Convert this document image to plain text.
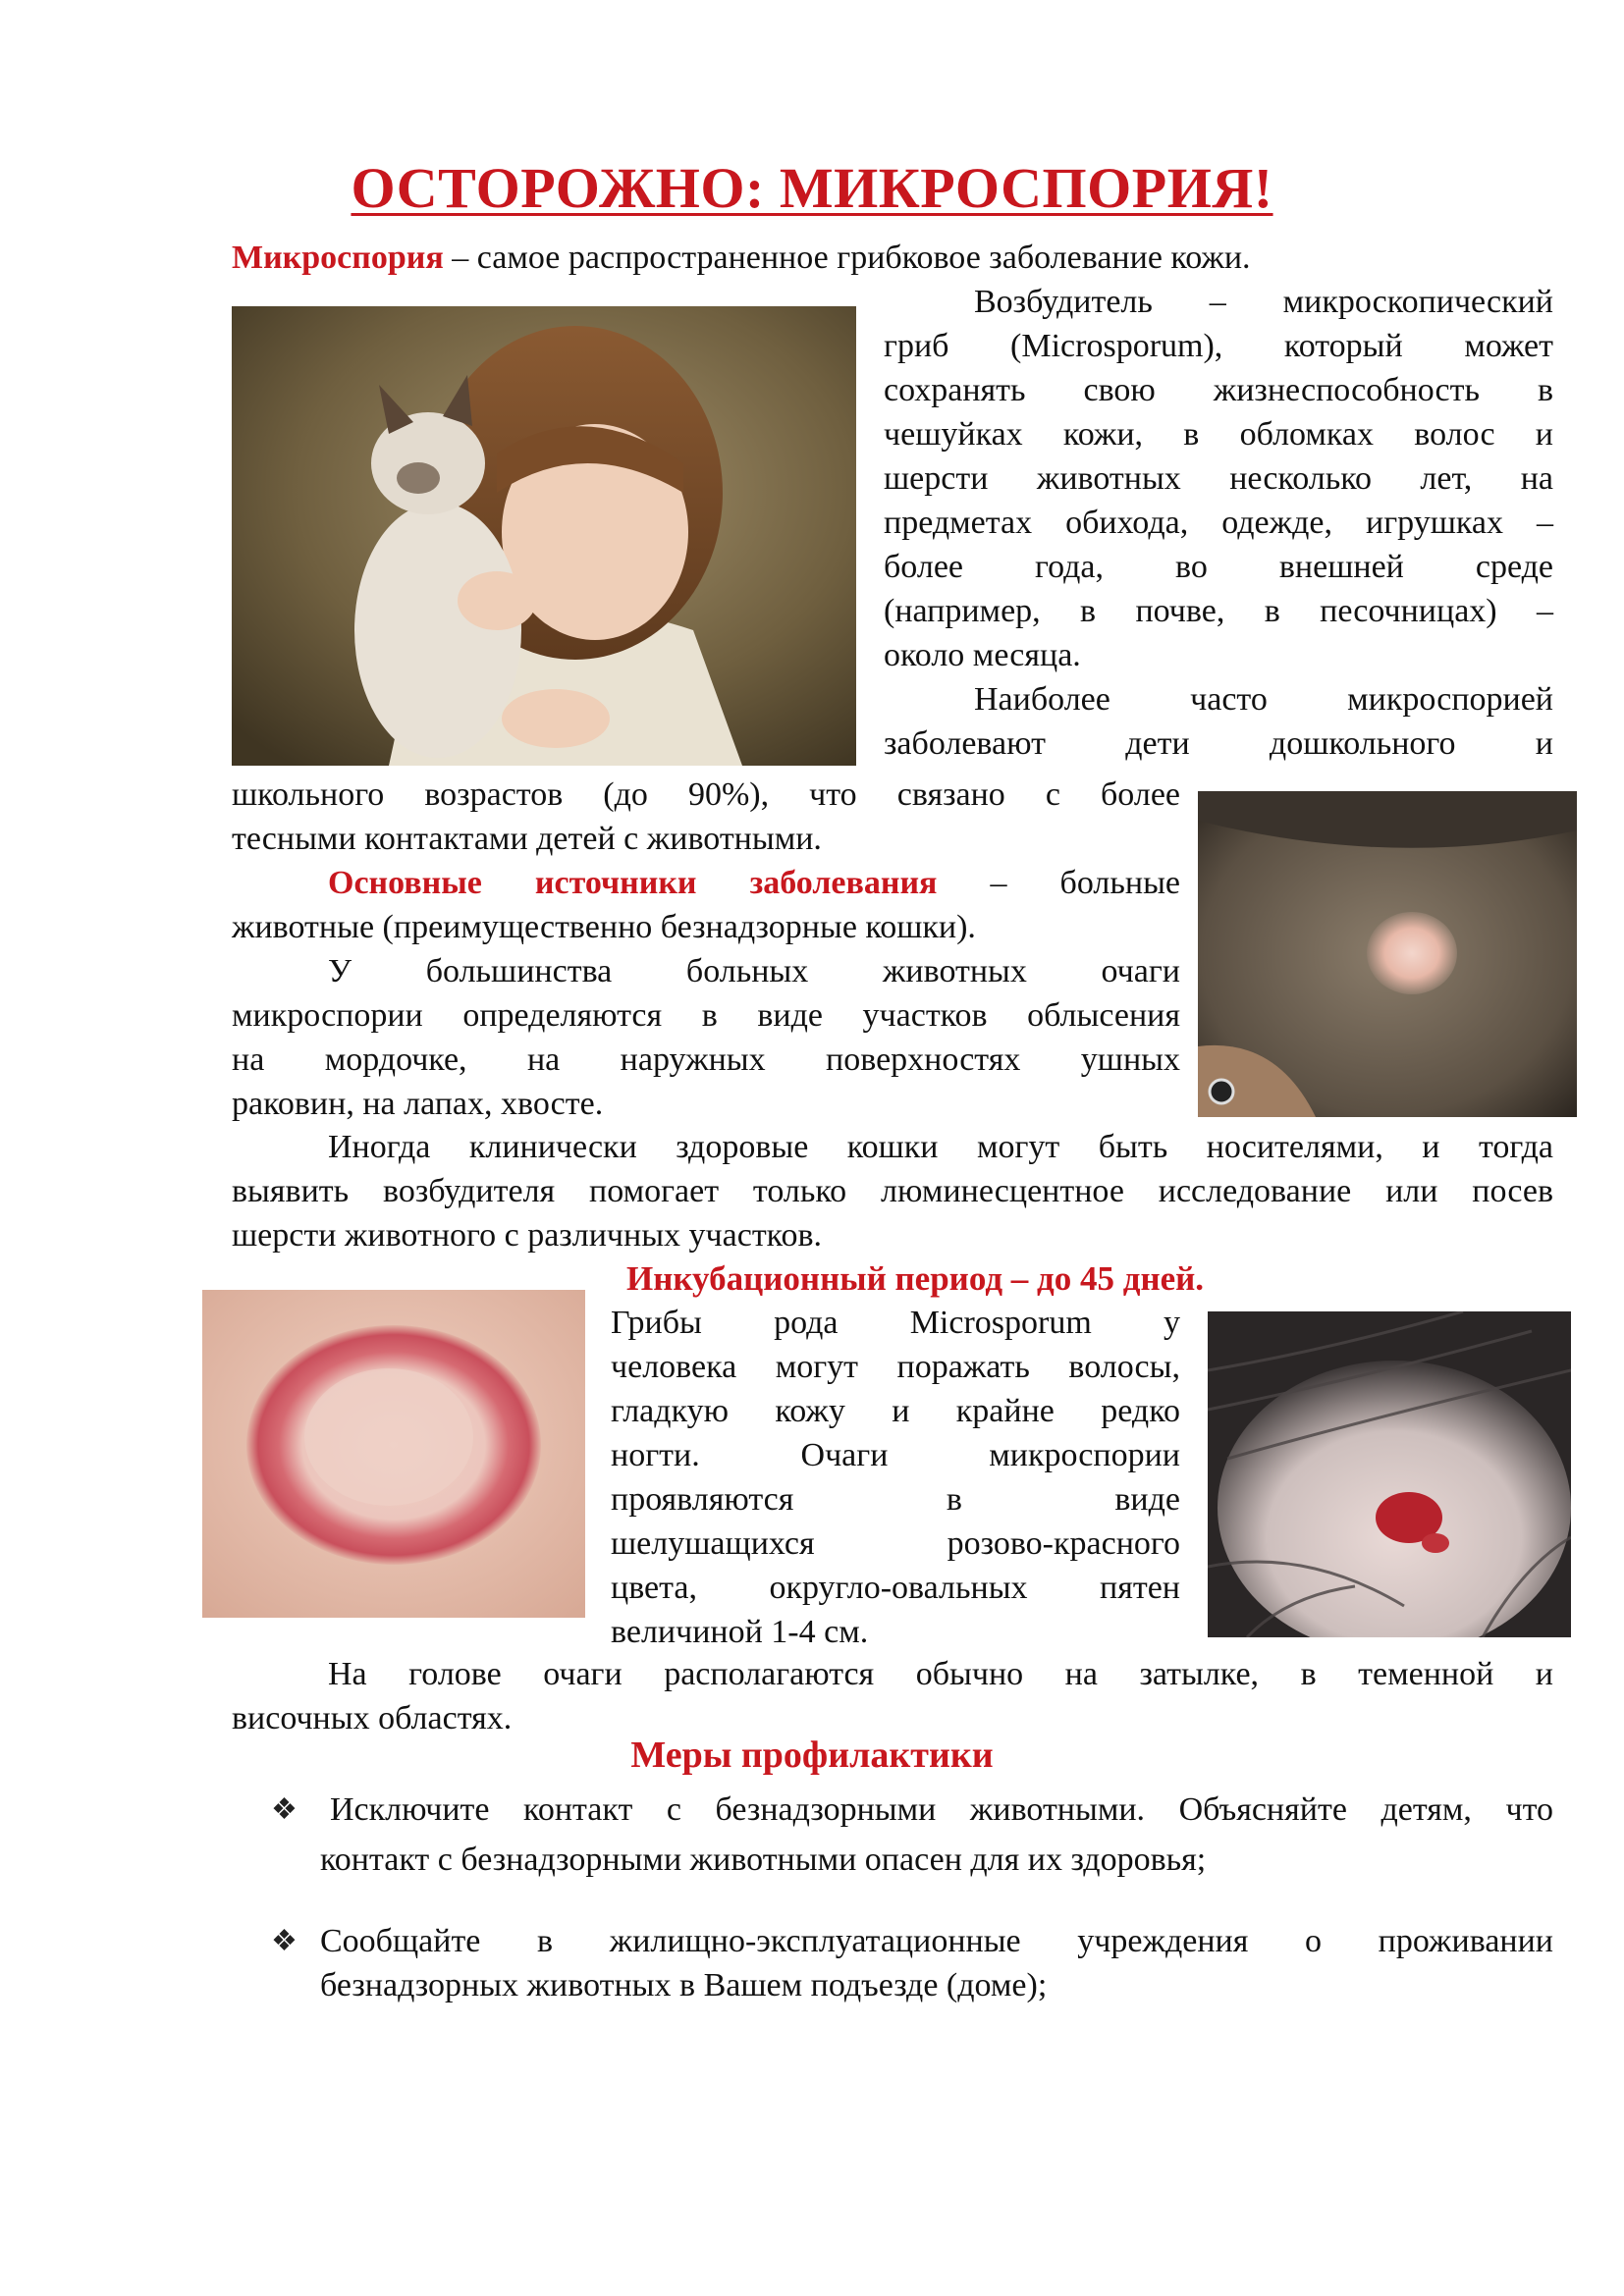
ОСТОРОЖНО: МИКРОСПОРИЯ!
Микроспория – самое распространенное грибковое заболевание кожи.
Возбудитель – микроскопический
гриб (Microsporum), который может
сохранять свою жизнеспособность в
чешуйках кожи, в обломках волос и
шерсти животных несколько лет, на
предметах обихода, одежде, игрушках –
более года, во внешней среде
(например, в почве, в песочницах) –
около месяца.
Наиболее часто микроспорией
заболевают дети дошкольного и
школьного возрастов (до 90%), что связано с более
тесными контактами детей с животными.
Основные источники заболевания – больные
животные (преимущественно безнадзорные кошки).
У большинства больных животных очаги
микроспории определяются в виде участков облысения
на мордочке, на наружных поверхностях ушных
раковин, на лапах, хвосте.
Иногда клинически здоровые кошки могут быть носителями, и тогда
выявить возбудителя помогает только люминесцентное исследование или посев
шерсти животного с различных участков.
Инкубационный период – до 45 дней.
Грибы рода Microsporum у
человека могут поражать волосы,
гладкую кожу и крайне редко
ногти. Очаги микроспории
проявляются в виде
шелушащихся розово-красного
цвета, округло-овальных пятен
величиной 1-4 см.
На голове очаги располагаются обычно на затылке, в теменной и
височных областях.
Меры профилактики
❖ Исключите контакт с безнадзорными животными. Объясняйте детям, что
контакт с безнадзорными животными опасен для их здоровья;
❖ Сообщайте в жилищно-эксплуатационные учреждения о проживании
безнадзорных животных в Вашем подъезде (доме);
